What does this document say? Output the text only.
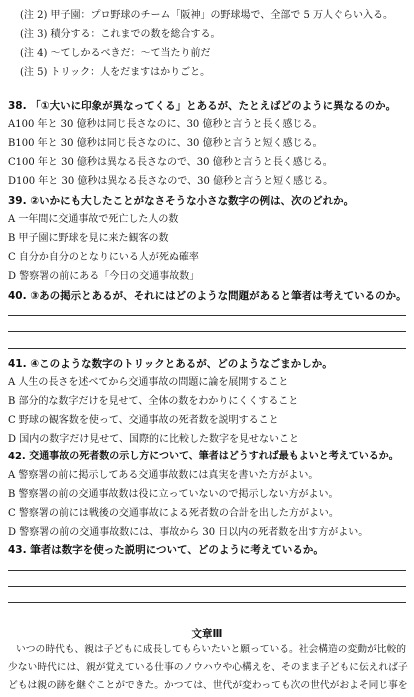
(注 2) 甲子園：プロ野球のチーム「阪神」の野球場で、全部で 5 万人ぐらい入る。
(注 3) 積分する：これまでの数を総合する。
(注 4) ～てしかるべきだ：～て当たり前だ
(注 5) トリック：人をだますはかりごと。
38. 「①大いに印象が異なってくる」とあるが、たとえばどのように異なるのか。
A100 年と 30 億秒は同じ長さなのに、30 億秒と言うと長く感じる。
B100 年と 30 億秒は同じ長さなのに、30 億秒と言うと短く感じる。
C100 年と 30 億秒は異なる長さなので、30 億秒と言うと長く感じる。
D100 年と 30 億秒は異なる長さなので、30 億秒と言うと短く感じる。
39. ②いかにも大したことがなさそうな小さな数字の例は、次のどれか。
A 一年間に交通事故で死亡した人の数
B 甲子園に野球を見に来た観客の数
C 自分か自分のとなりにいる人が死ぬ確率
D 警察署の前にある「今日の交通事故数」
40. ③あの掲示とあるが、それにはどのような問題があると筆者は考えているのか。
41. ④このような数字のトリックとあるが、どのようなごまかしか。
A 人生の長さを述べてから交通事故の問題に論を展開すること
B 部分的な数字だけを見せて、全体の数をわかりにくくすること
C 野球の観客数を使って、交通事故の死者数を説明すること
D 国内の数字だけ見せて、国際的に比較した数字を見せないこと
42. 交通事故の死者数の示し方について、筆者はどうすれば最もよいと考えているか。
A 警察署の前に掲示してある交通事故数には真実を書いた方がよい。
B 警察署の前の交通事故数は役に立っていないので掲示しない方がよい。
C 警察署の前には戦後の交通事故による死者数の合計を出した方がよい。
D 警察署の前の交通事故数には、事故から 30 日以内の死者数を出す方がよい。
43. 筆者は数字を使った説明について、どのように考えているか。
文章Ⅲ
いつの時代も、親は子どもに成長してもらいたいと願っている。社会構造の変動が比較的
少ない時代には、親が覚えている仕事のノウハウや心構えを、そのまま子どもに伝えれば子
どもは親の跡を継ぐことができた。かつては、世代が変わっても次の世代がおよそ同じ事を
